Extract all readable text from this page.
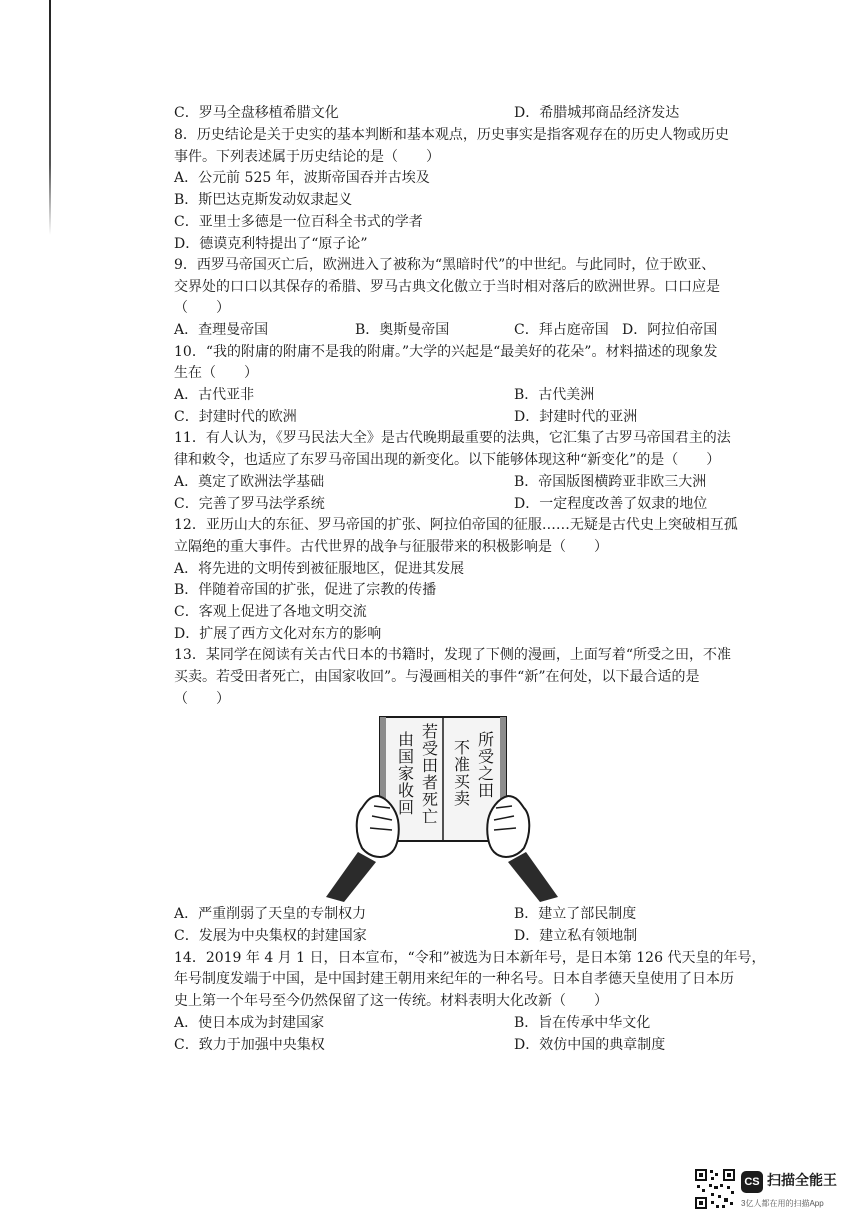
C．罗马全盘移植希腊文化	D．希腊城邦商品经济发达
8．历史结论是关于史实的基本判断和基本观点，历史事实是指客观存在的历史人物或历史
事件。下列表述属于历史结论的是（　　）
A．公元前 525 年，波斯帝国吞并古埃及
B．斯巴达克斯发动奴隶起义
C．亚里士多德是一位百科全书式的学者
D．德谟克利特提出了“原子论”
9．西罗马帝国灭亡后，欧洲进入了被称为“黑暗时代”的中世纪。与此同时，位于欧亚、
交界处的口口以其保存的希腊、罗马古典文化傲立于当时相对落后的欧洲世界。口口应是
（　　）
A．查理曼帝国	B．奥斯曼帝国	C．拜占庭帝国 D．阿拉伯帝国
10．“我的附庸的附庸不是我的附庸。”大学的兴起是“最美好的花朵”。材料描述的现象发
生在（　　）
A．古代亚非	B．古代美洲
C．封建时代的欧洲	D．封建时代的亚洲
11．有人认为，《罗马民法大全》是古代晚期最重要的法典，它汇集了古罗马帝国君主的法
律和敕令，也适应了东罗马帝国出现的新变化。以下能够体现这种“新变化”的是（　　）
A．奠定了欧洲法学基础	B．帝国版图横跨亚非欧三大洲
C．完善了罗马法学系统	D．一定程度改善了奴隶的地位
12．亚历山大的东征、罗马帝国的扩张、阿拉伯帝国的征服……无疑是古代史上突破相互孤
立隔绝的重大事件。古代世界的战争与征服带来的积极影响是（　　）
A．将先进的文明传到被征服地区，促进其发展
B．伴随着帝国的扩张，促进了宗教的传播
C．客观上促进了各地文明交流
D．扩展了西方文化对东方的影响
13．某同学在阅读有关古代日本的书籍时，发现了下侧的漫画，上面写着“所受之田，不准
买卖。若受田者死亡，由国家收回”。与漫画相关的事件“新”在何处，以下最合适的是
（　　）
所受之田
不准买卖
若受田者死亡
由国家收回
A．严重削弱了天皇的专制权力	B．建立了部民制度
C．发展为中央集权的封建国家	D．建立私有领地制
14．2019 年 4 月 1 日，日本宣布，“令和”被选为日本新年号，是日本第 126 代天皇的年号，
年号制度发端于中国，是中国封建王朝用来纪年的一种名号。日本自孝德天皇使用了日本历
史上第一个年号至今仍然保留了这一传统。材料表明大化改新（　　）
A．使日本成为封建国家	B．旨在传承中华文化
C．致力于加强中央集权	D．效仿中国的典章制度
CS 扫描全能王
3亿人都在用的扫描App
